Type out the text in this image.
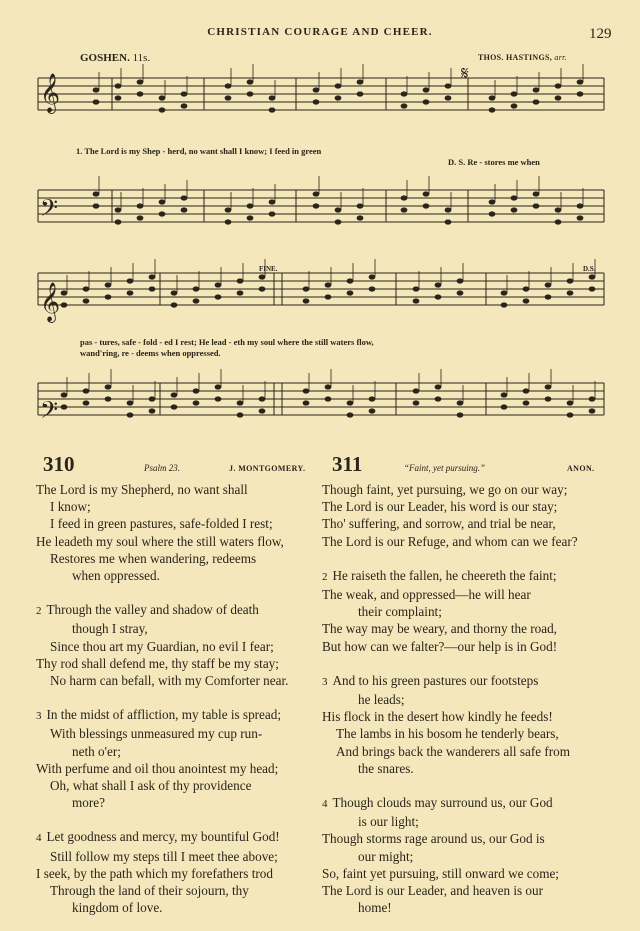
CHRISTIAN COURAGE AND CHEER.	129
GOSHEN. 11s.	THOS. HASTINGS, arr.
𝄞
𝄢
𝄞
𝄢
𝄋
FINE.	D.S.
1. The Lord is my Shep - herd, no want shall I know; I feed in green
D. S. Re - stores me when
pas - tures, safe - fold - ed I rest; He lead - eth my soul where the still waters flow,
wand'ring, re - deems when oppressed.
310	Psalm 23.	J. MONTGOMERY. 311	“Faint, yet pursuing.”	ANON.
The Lord is my Shepherd, no want shall
I know;
I feed in green pastures, safe-folded I rest;
He leadeth my soul where the still waters flow,
Restores me when wandering, redeems
when oppressed.
2 Through the valley and shadow of death
though I stray,
Since thou art my Guardian, no evil I fear;
Thy rod shall defend me, thy staff be my stay;
No harm can befall, with my Comforter near.
3 In the midst of affliction, my table is spread;
With blessings unmeasured my cup run-
neth o'er;
With perfume and oil thou anointest my head;
Oh, what shall I ask of thy providence
more?
4 Let goodness and mercy, my bountiful God!
Still follow my steps till I meet thee above;
I seek, by the path which my forefathers trod
Through the land of their sojourn, thy
kingdom of love.
Though faint, yet pursuing, we go on our way;
The Lord is our Leader, his word is our stay;
Tho' suffering, and sorrow, and trial be near,
The Lord is our Refuge, and whom can we fear?
2 He raiseth the fallen, he cheereth the faint;
The weak, and oppressed—he will hear
their complaint;
The way may be weary, and thorny the road,
But how can we falter?—our help is in God!
3 And to his green pastures our footsteps
he leads;
His flock in the desert how kindly he feeds!
The lambs in his bosom he tenderly bears,
And brings back the wanderers all safe from
the snares.
4 Though clouds may surround us, our God
is our light;
Though storms rage around us, our God is
our might;
So, faint yet pursuing, still onward we come;
The Lord is our Leader, and heaven is our
home!
